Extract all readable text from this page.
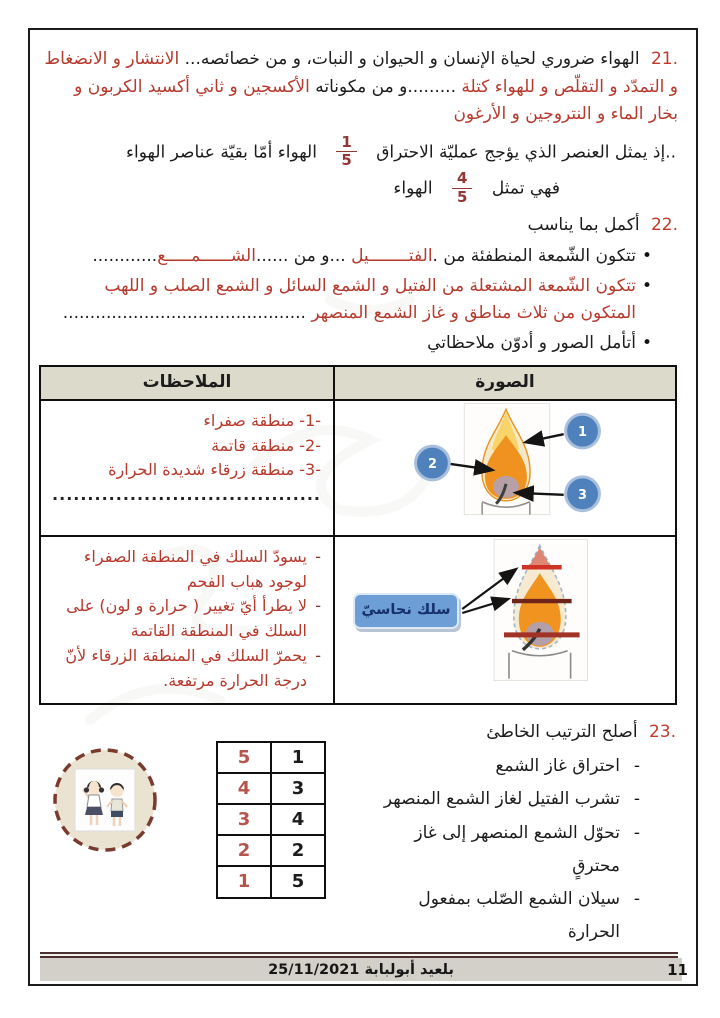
21. الهواء ضروري لحياة الإنسان و الحيوان و النبات، و من خصائصه... الانتشار و الانضغاط و التمدّد و التقلّص و للهواء كتلة .........و من مكوناته الأكسجين و ثاني أكسيد الكربون و بخار الماء و النتروجين و الأرغون

..إذ يمثل العنصر الذي يؤجج عمليّة الاحتراق
$\frac{1}{5}$
الهواء أمّا بقيّة عناصر الهواء

فهي تمثل
$\frac{4}{5}$
الهواء

22. أكمل بما يناسب

• تتكون الشّمعة المنطفئة من .الفتــــــــيل ...و من ......الشــــــمـــــع............
• تتكون الشّمعة المشتعلة من الفتيل و الشمع السائل و الشمع الصلب و اللهب المتكون من ثلاث مناطق و غاز الشمع المنصهر .............................................
• أتأمل الصور و أدوّن ملاحظاتي
الصورة	الملاحظات

1
2
3

-1- منطقة صفراء
-2- منطقة قاتمة
-3- منطقة زرقاء شديدة الحرارة
......................................

سلك نحاسيّ	- يسودّ السلك في المنطقة الصفراء لوجود هباب الفحم
- لا يطرأ أيّ تغيير ( حرارة و لون) على السلك في المنطقة القاتمة
- يحمرّ السلك في المنطقة الزرقاء لأنّ درجة الحرارة مرتفعة.

23. أصلح الترتيب الخاطئ

- احتراق غاز الشمع
- تشرب الفتيل لغاز الشمع المنصهر
- تحوّل الشمع المنصهر إلى غاز محترقٍ
- سيلان الشمع الصّلب بمفعول الحرارة
-
5	1
4	3
3	4
2	2
1	5
بلعيد أبولبابة 25/11/2021	11
